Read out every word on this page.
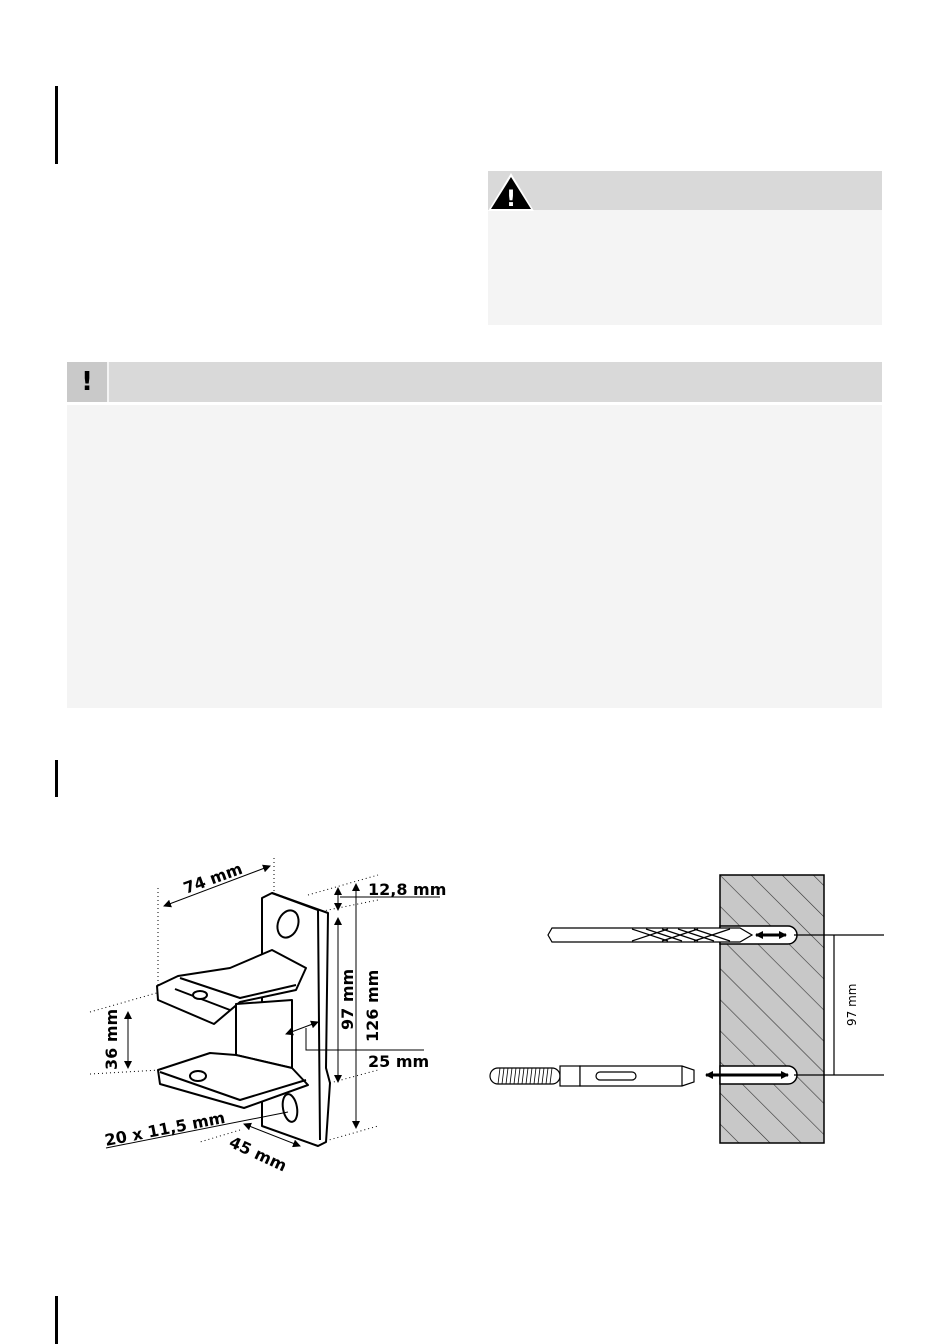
!
!
74 mm	12,8 mm
97 mm 126 mm
36 mm	25 mm
20 x 11,5 mm
45 mm
97 mm
